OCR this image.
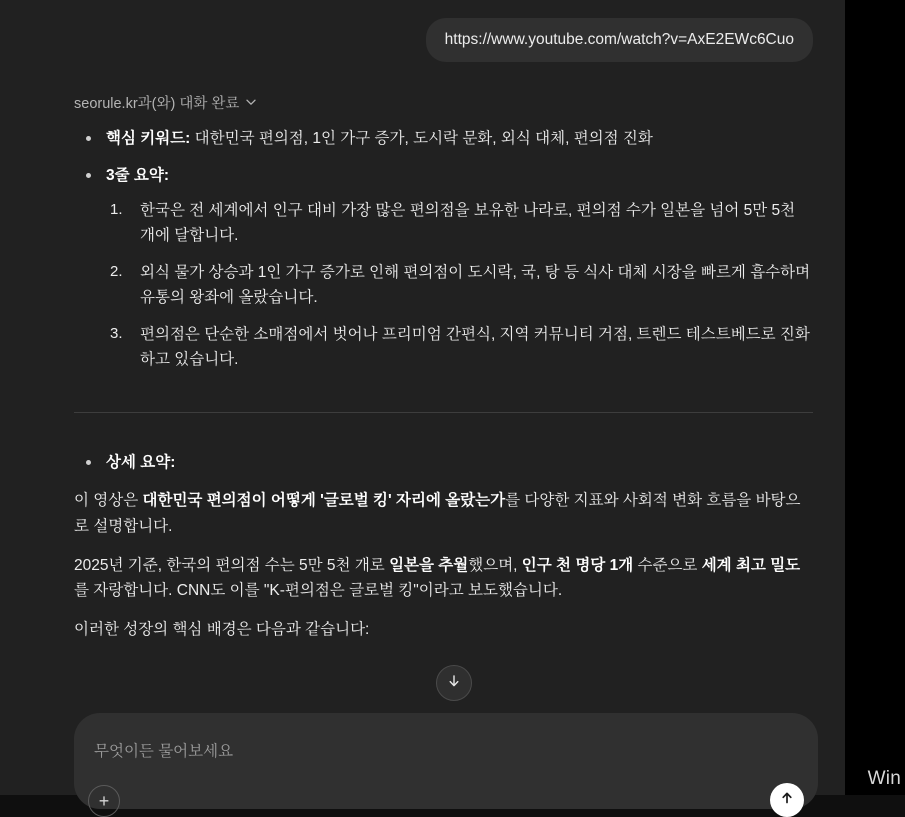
https://www.youtube.com/watch?v=AxE2EWc6Cuo
seorule.kr과(와) 대화 완료
핵심 키워드: 대한민국 편의점, 1인 가구 증가, 도시락 문화, 외식 대체, 편의점 진화
3줄 요약:
한국은 전 세계에서 인구 대비 가장 많은 편의점을 보유한 나라로, 편의점 수가 일본을 넘어 5만 5천 개에 달합니다.
외식 물가 상승과 1인 가구 증가로 인해 편의점이 도시락, 국, 탕 등 식사 대체 시장을 빠르게 흡수하며 유통의 왕좌에 올랐습니다.
편의점은 단순한 소매점에서 벗어나 프리미엄 간편식, 지역 커뮤니티 거점, 트렌드 테스트베드로 진화하고 있습니다.
상세 요약:

이 영상은 대한민국 편의점이 어떻게 '글로벌 킹' 자리에 올랐는가를 다양한 지표와 사회적 변화 흐름을 바탕으로 설명합니다.

2025년 기준, 한국의 편의점 수는 5만 5천 개로 일본을 추월했으며, 인구 천 명당 1개 수준으로 세계 최고 밀도를 자랑합니다. CNN도 이를 "K-편의점은 글로벌 킹"이라고 보도했습니다.

이러한 성장의 핵심 배경은 다음과 같습니다:

무엇이든 물어보세요
+
Win
